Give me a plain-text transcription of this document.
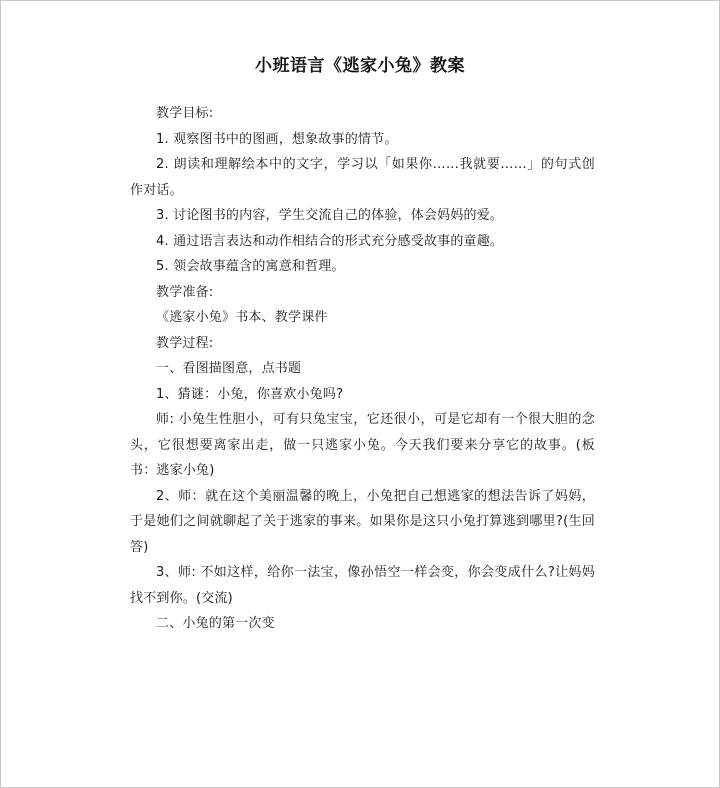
小班语言《逃家小兔》教案

教学目标:

1. 观察图书中的图画，想象故事的情节。

2. 朗读和理解绘本中的文字，学习以「如果你……我就要……」的句式创作对话。

3. 讨论图书的内容，学生交流自己的体验，体会妈妈的爱。

4. 通过语言表达和动作相结合的形式充分感受故事的童趣。

5. 领会故事蕴含的寓意和哲理。

教学准备:

《逃家小兔》书本、教学课件

教学过程:

一、看图描图意，点书题

1、猜谜：小兔，你喜欢小兔吗?

师: 小兔生性胆小，可有只兔宝宝，它还很小，可是它却有一个很大胆的念头，它很想要离家出走，做一只逃家小兔。今天我们要来分享它的故事。(板书：逃家小兔)

2、师：就在这个美丽温馨的晚上，小兔把自己想逃家的想法告诉了妈妈，于是她们之间就聊起了关于逃家的事来。如果你是这只小兔打算逃到哪里?(生回答)

3、师: 不如这样，给你一法宝，像孙悟空一样会变，你会变成什么?让妈妈找不到你。(交流)

二、小兔的第一次变
